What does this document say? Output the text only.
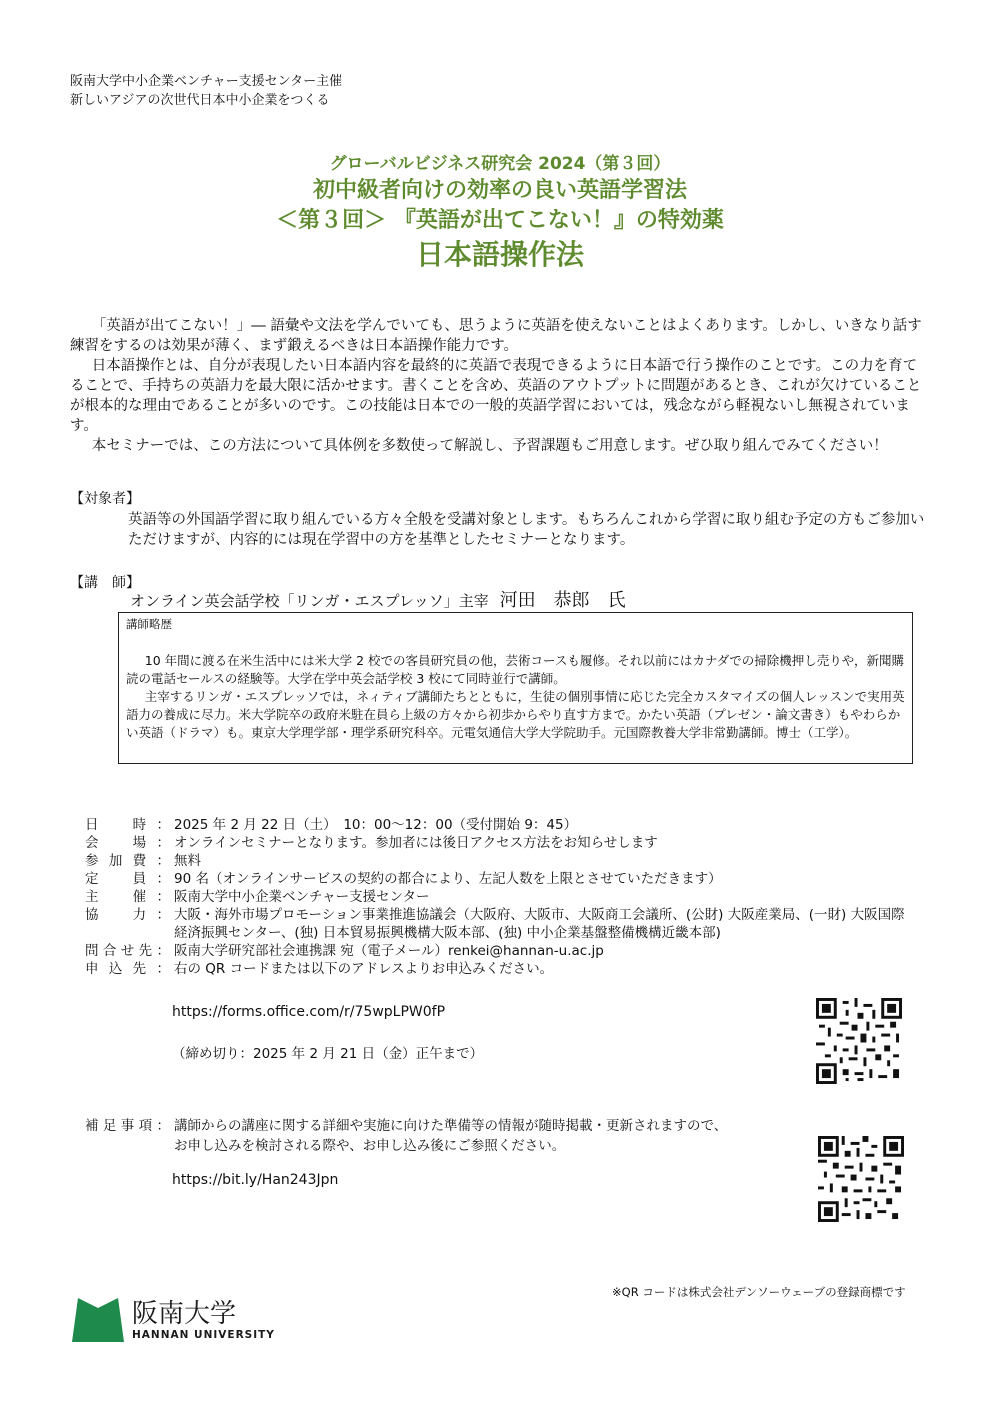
阪南大学中小企業ベンチャー支援センター主催
新しいアジアの次世代日本中小企業をつくる
グローバルビジネス研究会 2024（第３回）
初中級者向けの効率の良い英語学習法
＜第３回＞ 『英語が出てこない！』の特効薬
日本語操作法

「英語が出てこない！」― 語彙や文法を学んでいても、思うように英語を使えないことはよくあります。しかし、いきなり話す練習をするのは効果が薄く、まず鍛えるべきは日本語操作能力です。

日本語操作とは、自分が表現したい日本語内容を最終的に英語で表現できるように日本語で行う操作のことです。この力を育てることで、手持ちの英語力を最大限に活かせます。書くことを含め、英語のアウトプットに問題があるとき、これが欠けていることが根本的な理由であることが多いのです。この技能は日本での一般的英語学習においては，残念ながら軽視ないし無視されています。

本セミナーでは、この方法について具体例を多数使って解説し、予習課題もご用意します。ぜひ取り組んでみてください！

【対象者】
英語等の外国語学習に取り組んでいる方々全般を受講対象とします。もちろんこれから学習に取り組む予定の方もご参加いただけますが、内容的には現在学習中の方を基準としたセミナーとなります。
【講　師】
オンライン英会話学校「リンガ・エスプレッソ」主宰 河田　恭郎　氏
講師略歴

10 年間に渡る在米生活中には米大学 2 校での客員研究員の他，芸術コースも履修。それ以前にはカナダでの掃除機押し売りや，新聞購読の電話セールスの経験等。大学在学中英会話学校 3 校にて同時並行で講師。

主宰するリンガ・エスプレッソでは，ネィティブ講師たちとともに，生徒の個別事情に応じた完全カスタマイズの個人レッスンで実用英語力の養成に尽力。米大学院卒の政府米駐在員ら上級の方々から初歩からやり直す方まで。かたい英語（プレゼン・論文書き）もやわらかい英語（ドラマ）も。東京大学理学部・理学系研究科卒。元電気通信大学大学院助手。元国際教養大学非常勤講師。博士（工学）。

日　時： 2025 年 2 月 22 日（土）　10：00～12：00（受付開始 9：45）
会　場： オンラインセミナーとなります。参加者には後日アクセス方法をお知らせします
参加費： 無料
定　員： 90 名（オンラインサービスの契約の都合により、左記人数を上限とさせていただきます）
主　催： 阪南大学中小企業ベンチャー支援センター
協　力： 大阪・海外市場プロモーション事業推進協議会（大阪府、大阪市、大阪商工会議所、(公財) 大阪産業局、(一財) 大阪国際経済振興センター、(独) 日本貿易振興機構大阪本部、(独) 中小企業基盤整備機構近畿本部)
問合せ先： 阪南大学研究部社会連携課 宛（電子メール）renkei@hannan-u.ac.jp
申込先： 右の QR コードまたは以下のアドレスよりお申込みください。
https://forms.office.com/r/75wpLPW0fP
（締め切り：2025 年 2 月 21 日（金）正午まで）
補足事項： 講師からの講座に関する詳細や実施に向けた準備等の情報が随時掲載・更新されますので、
お申し込みを検討される際や、お申し込み後にご参照ください。
https://bit.ly/Han243Jpn
※QR コードは株式会社デンソーウェーブの登録商標です
阪南大学
HANNAN UNIVERSITY
